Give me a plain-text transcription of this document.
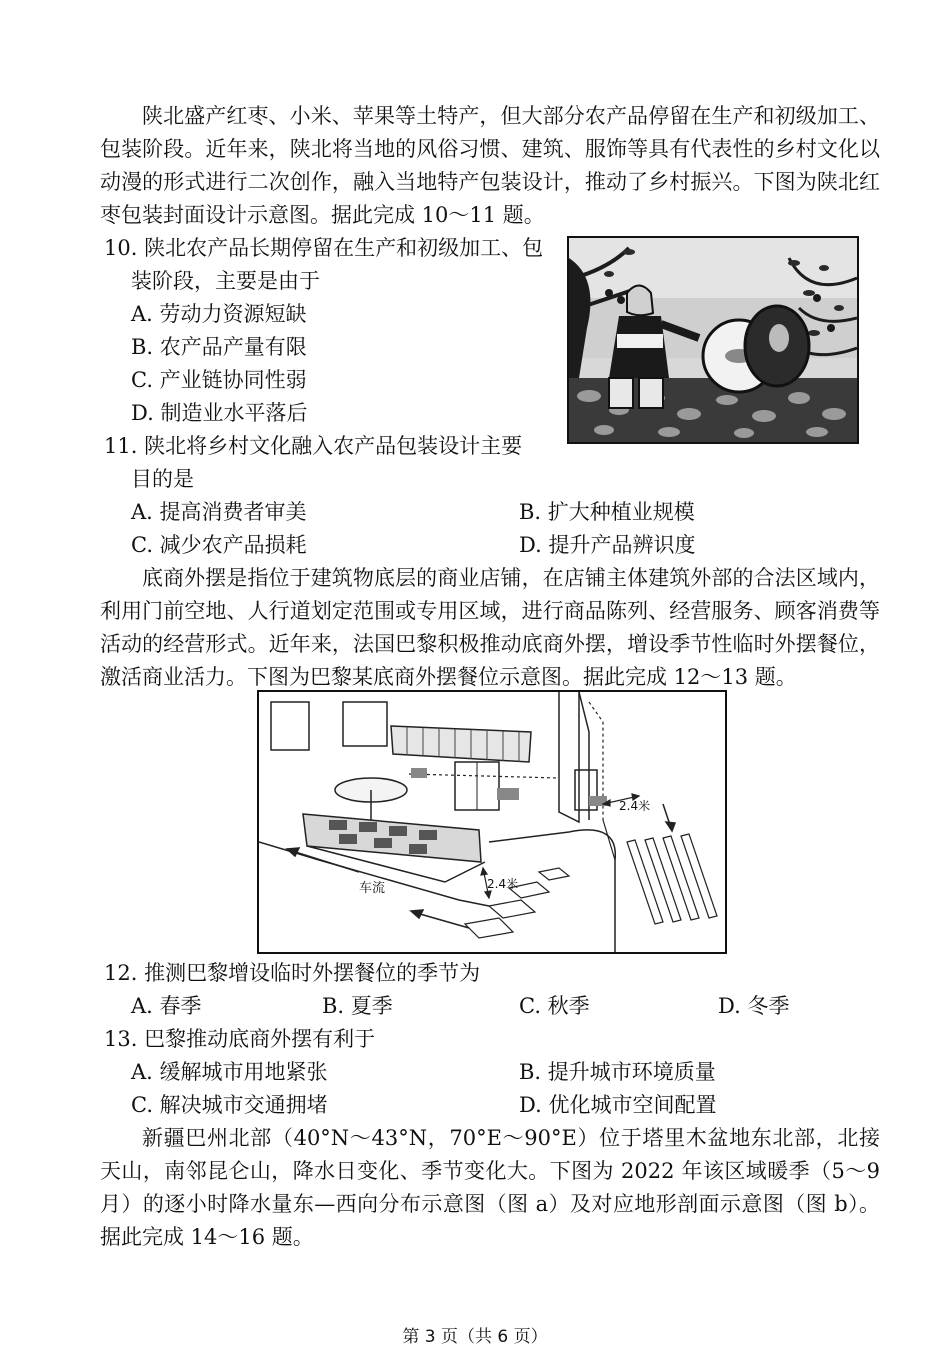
陕北盛产红枣、小米、苹果等土特产，但大部分农产品停留在生产和初级加工、包装阶段。近年来，陕北将当地的风俗习惯、建筑、服饰等具有代表性的乡村文化以动漫的形式进行二次创作，融入当地特产包装设计，推动了乡村振兴。下图为陕北红枣包装封面设计示意图。据此完成 10～11 题。

10. 陕北农产品长期停留在生产和初级加工、包

装阶段，主要是由于

A. 劳动力资源短缺
B. 农产品产量有限
C. 产业链协同性弱
D. 制造业水平落后

11. 陕北将乡村文化融入农产品包装设计主要

目的是

A. 提高消费者审美	B. 扩大种植业规模
C. 减少农产品损耗	D. 提升产品辨识度

底商外摆是指位于建筑物底层的商业店铺，在店铺主体建筑外部的合法区域内，利用门前空地、人行道划定范围或专用区域，进行商品陈列、经营服务、顾客消费等活动的经营形式。近年来，法国巴黎积极推动底商外摆，增设季节性临时外摆餐位，激活商业活力。下图为巴黎某底商外摆餐位示意图。据此完成 12～13 题。

2.4米
2.4米
车流

12. 推测巴黎增设临时外摆餐位的季节为

A. 春季	B. 夏季	C. 秋季	D. 冬季

13. 巴黎推动底商外摆有利于

A. 缓解城市用地紧张	B. 提升城市环境质量
C. 解决城市交通拥堵	D. 优化城市空间配置

新疆巴州北部（40°N～43°N，70°E～90°E）位于塔里木盆地东北部，北接天山，南邻昆仑山，降水日变化、季节变化大。下图为 2022 年该区域暖季（5～9 月）的逐小时降水量东—西向分布示意图（图 a）及对应地形剖面示意图（图 b）。据此完成 14～16 题。

第 3 页（共 6 页）
